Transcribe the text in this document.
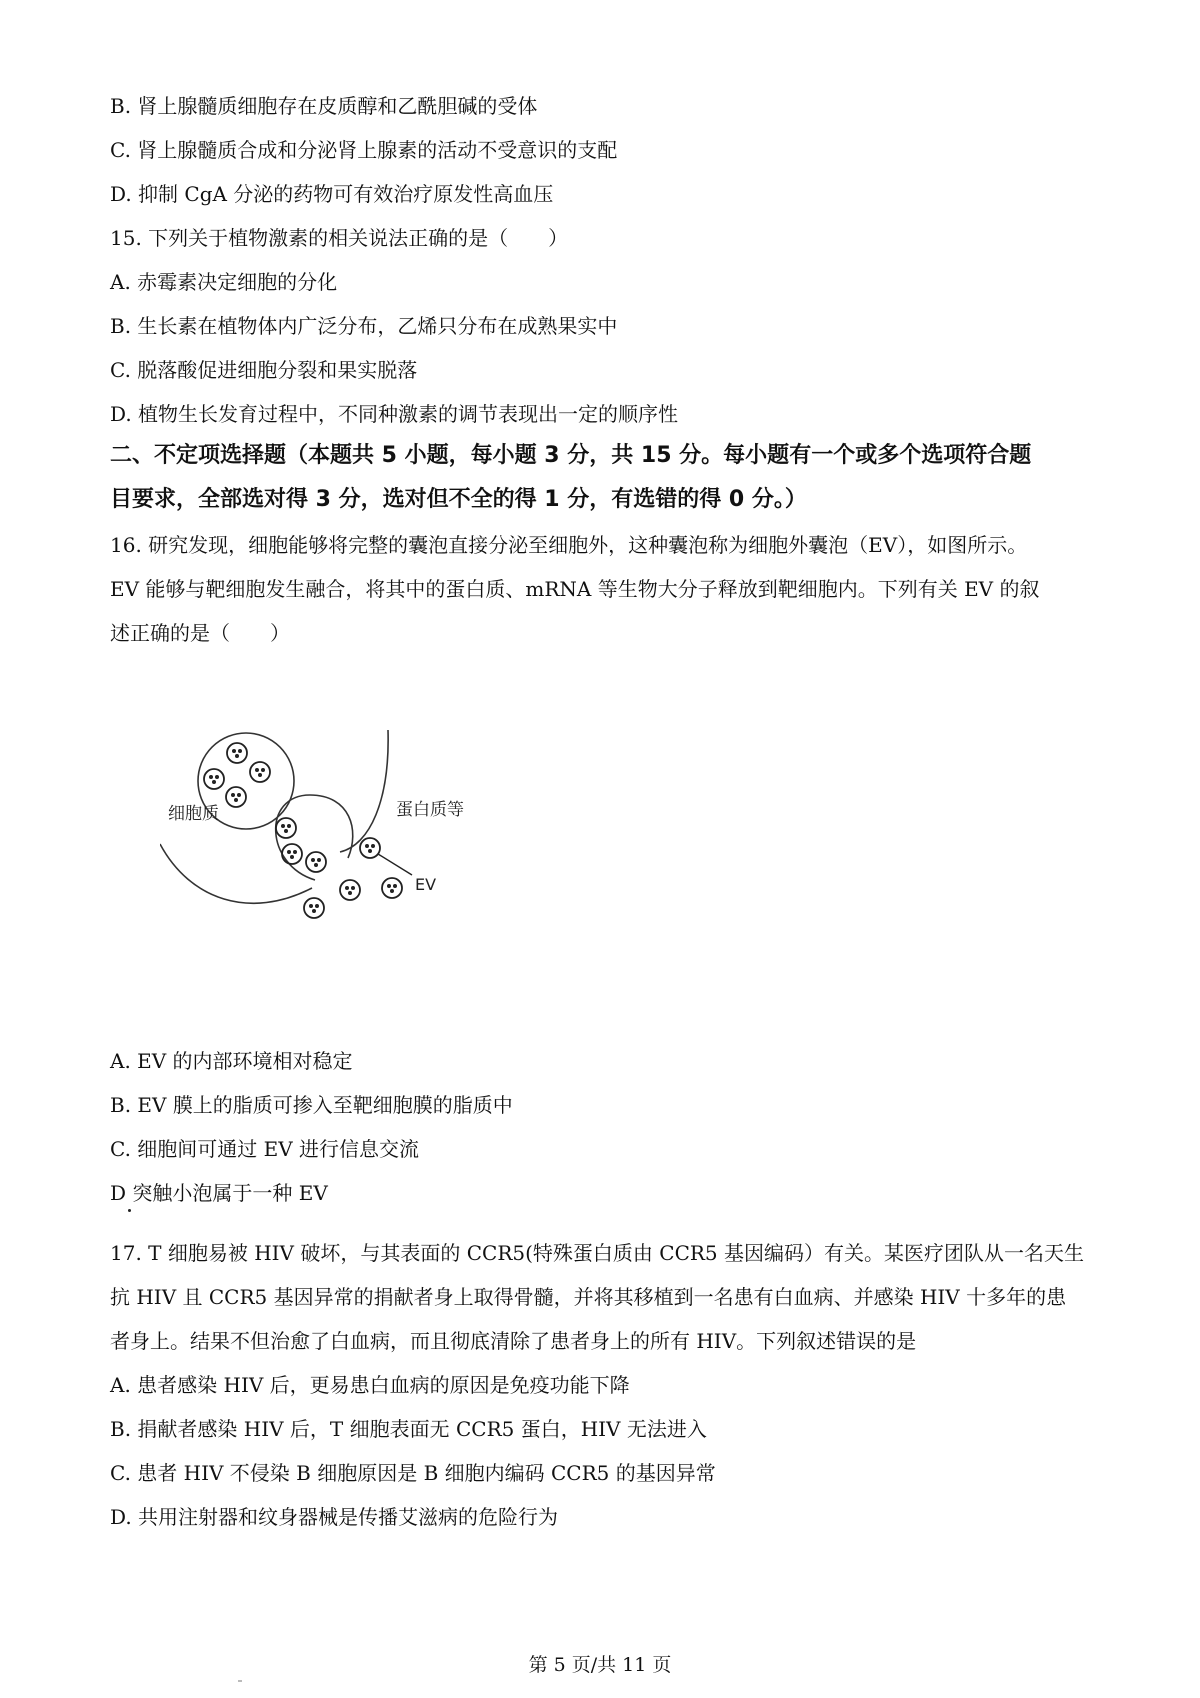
B. 肾上腺髓质细胞存在皮质醇和乙酰胆碱的受体
C. 肾上腺髓质合成和分泌肾上腺素的活动不受意识的支配
D. 抑制 CgA 分泌的药物可有效治疗原发性高血压
15. 下列关于植物激素的相关说法正确的是（　　）
A. 赤霉素决定细胞的分化
B. 生长素在植物体内广泛分布，乙烯只分布在成熟果实中
C. 脱落酸促进细胞分裂和果实脱落
D. 植物生长发育过程中，不同种激素的调节表现出一定的顺序性
二、不定项选择题（本题共 5 小题，每小题 3 分，共 15 分。每小题有一个或多个选项符合题
目要求，全部选对得 3 分，选对但不全的得 1 分，有选错的得 0 分。）
16. 研究发现，细胞能够将完整的囊泡直接分泌至细胞外，这种囊泡称为细胞外囊泡（EV），如图所示。
EV 能够与靶细胞发生融合，将其中的蛋白质、mRNA 等生物大分子释放到靶细胞内。下列有关 EV 的叙
述正确的是（　　）
细胞质	蛋白质等
EV
A. EV 的内部环境相对稳定
B. EV 膜上的脂质可掺入至靶细胞膜的脂质中
C. 细胞间可通过 EV 进行信息交流
D 突触小泡属于一种 EV
17. T 细胞易被 HIV 破坏，与其表面的 CCR5(特殊蛋白质由 CCR5 基因编码）有关。某医疗团队从一名天生
抗 HIV 且 CCR5 基因异常的捐献者身上取得骨髓，并将其移植到一名患有白血病、并感染 HIV 十多年的患
者身上。结果不但治愈了白血病，而且彻底清除了患者身上的所有 HIV。下列叙述错误的是
A. 患者感染 HIV 后，更易患白血病的原因是免疫功能下降
B. 捐献者感染 HIV 后，T 细胞表面无 CCR5 蛋白，HIV 无法进入
C. 患者 HIV 不侵染 B 细胞原因是 B 细胞内编码 CCR5 的基因异常
D. 共用注射器和纹身器械是传播艾滋病的危险行为
第 5 页/共 11 页
